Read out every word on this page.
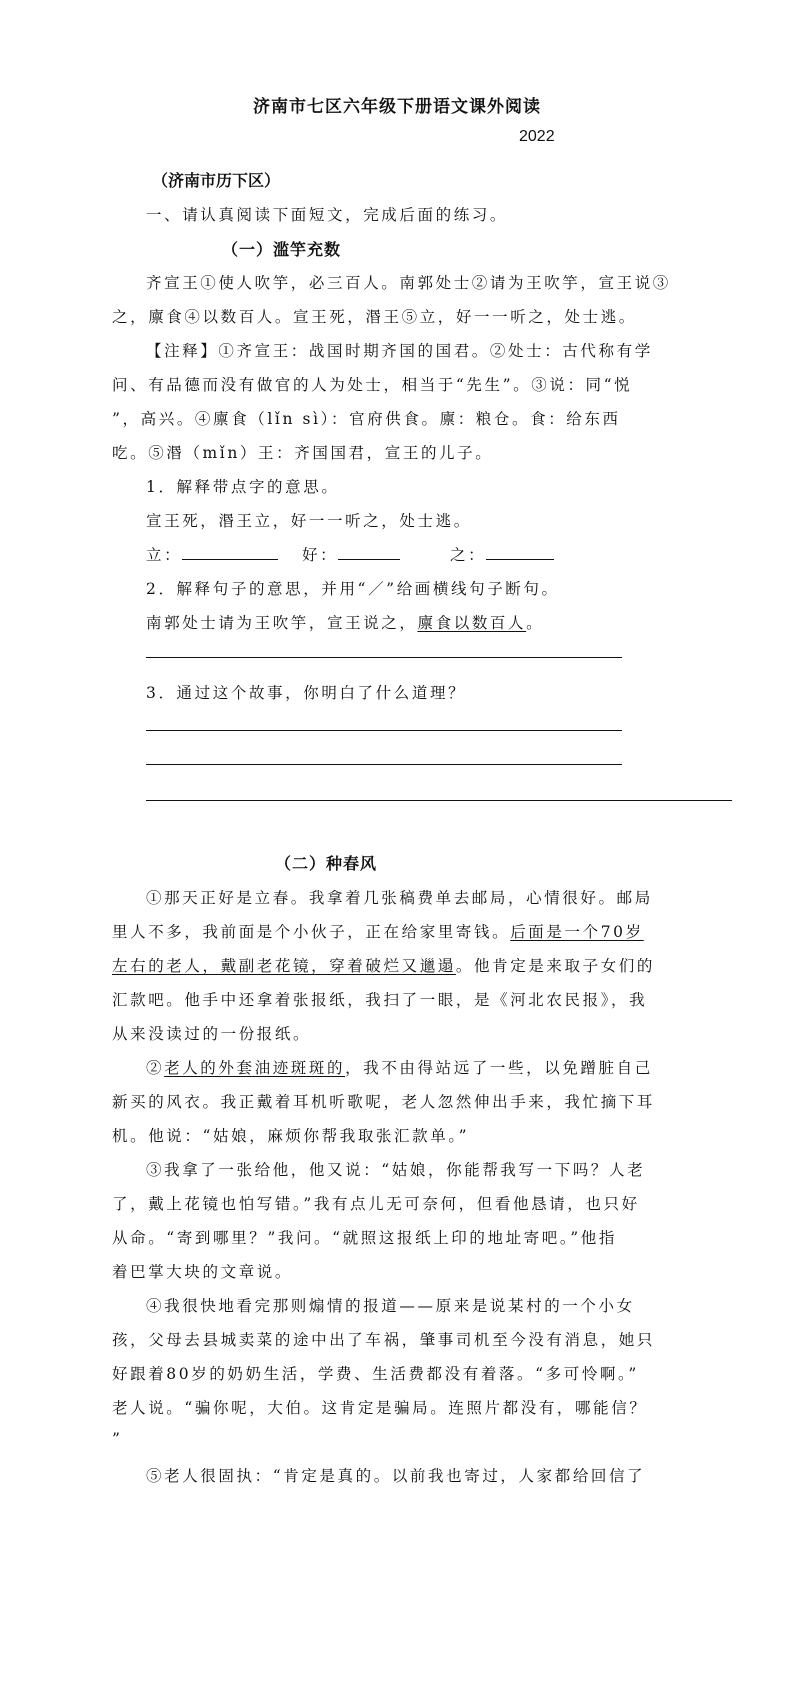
济南市七区六年级下册语文课外阅读
2022
（济南市历下区）
一、请认真阅读下面短文，完成后面的练习。
（一）滥竽充数
齐宣王①使人吹竽，必三百人。南郭处士②请为王吹竽，宣王说③
之，廪食④以数百人。宣王死，湣王⑤立，好一一听之，处士逃。
【注释】①齐宣王：战国时期齐国的国君。②处士：古代称有学
问、有品德而没有做官的人为处士，相当于“先生”。③说：同“悦
”，高兴。④廪食（lǐn sì）：官府供食。廪：粮仓。食：给东西
吃。⑤湣（mǐn）王：齐国国君，宣王的儿子。
1．解释带点字的意思。
宣王死，湣王立，好一一听之，处士逃。
立：	好：	之：
2．解释句子的意思，并用“／”给画横线句子断句。
南郭处士请为王吹竽，宣王说之，廪食以数百人。
3．通过这个故事，你明白了什么道理？
（二）种春风
①那天正好是立春。我拿着几张稿费单去邮局，心情很好。邮局
里人不多，我前面是个小伙子，正在给家里寄钱。后面是一个70岁
左右的老人，戴副老花镜，穿着破烂又邋遢。他肯定是来取子女们的
汇款吧。他手中还拿着张报纸，我扫了一眼，是《河北农民报》，我
从来没读过的一份报纸。
②老人的外套油迹斑斑的，我不由得站远了一些，以免蹭脏自己
新买的风衣。我正戴着耳机听歌呢，老人忽然伸出手来，我忙摘下耳
机。他说：“姑娘，麻烦你帮我取张汇款单。”
③我拿了一张给他，他又说：“姑娘，你能帮我写一下吗？人老
了，戴上花镜也怕写错。”我有点儿无可奈何，但看他恳请，也只好
从命。“寄到哪里？”我问。“就照这报纸上印的地址寄吧。”他指
着巴掌大块的文章说。
④我很快地看完那则煽情的报道——原来是说某村的一个小女
孩，父母去县城卖菜的途中出了车祸，肇事司机至今没有消息，她只
好跟着80岁的奶奶生活，学费、生活费都没有着落。“多可怜啊。”
老人说。“骗你呢，大伯。这肯定是骗局。连照片都没有，哪能信？
”
⑤老人很固执：“肯定是真的。以前我也寄过，人家都给回信了
